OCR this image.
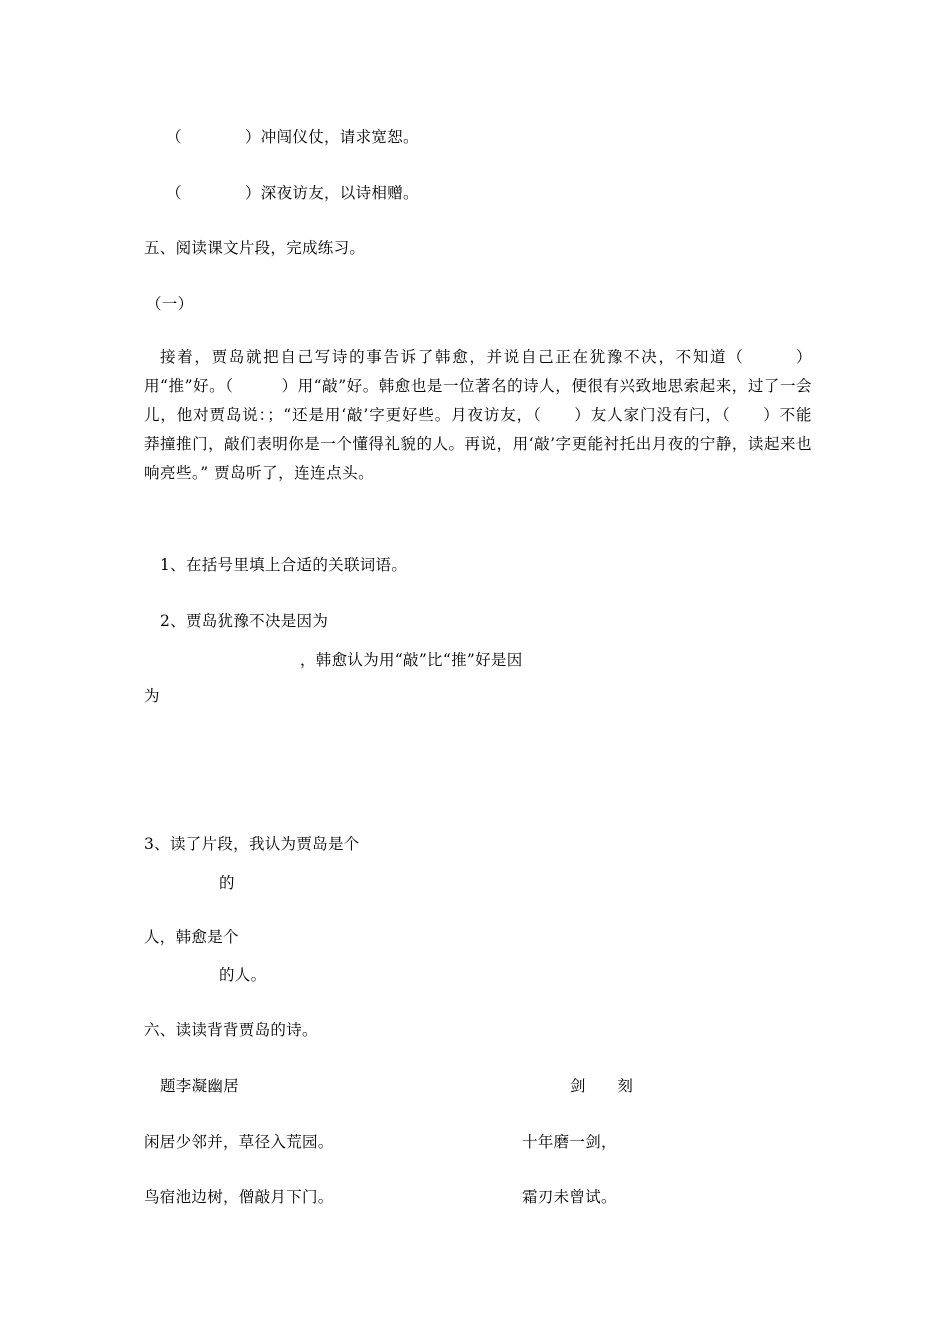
（　　　　）冲闯仪仗，请求宽恕。
（　　　　）深夜访友，以诗相赠。
五、阅读课文片段，完成练习。
（一）

接着，贾岛就把自己写诗的事告诉了韩愈，并说自己正在犹豫不决，不知道（　　　）用“推”好。（　　　）用“敲”好。韩愈也是一位著名的诗人，便很有兴致地思索起来，过了一会儿，他对贾岛说：；“还是用‘敲’字更好些。月夜访友，（　　）友人家门没有闩，（　　）不能莽撞推门，敲们表明你是一个懂得礼貌的人。再说，用‘敲’字更能衬托出月夜的宁静，读起来也响亮些。” 贾岛听了，连连点头。

1、在括号里填上合适的关联词语。
2、贾岛犹豫不决是因为
，韩愈认为用“敲”比“推”好是因
为
3、读了片段，我认为贾岛是个
的
人，韩愈是个
的人。
六、读读背背贾岛的诗。
题李凝幽居	剑　　刻
闲居少邻并，草径入荒园。	十年磨一剑，
鸟宿池边树，僧敲月下门。	霜刃未曾试。
